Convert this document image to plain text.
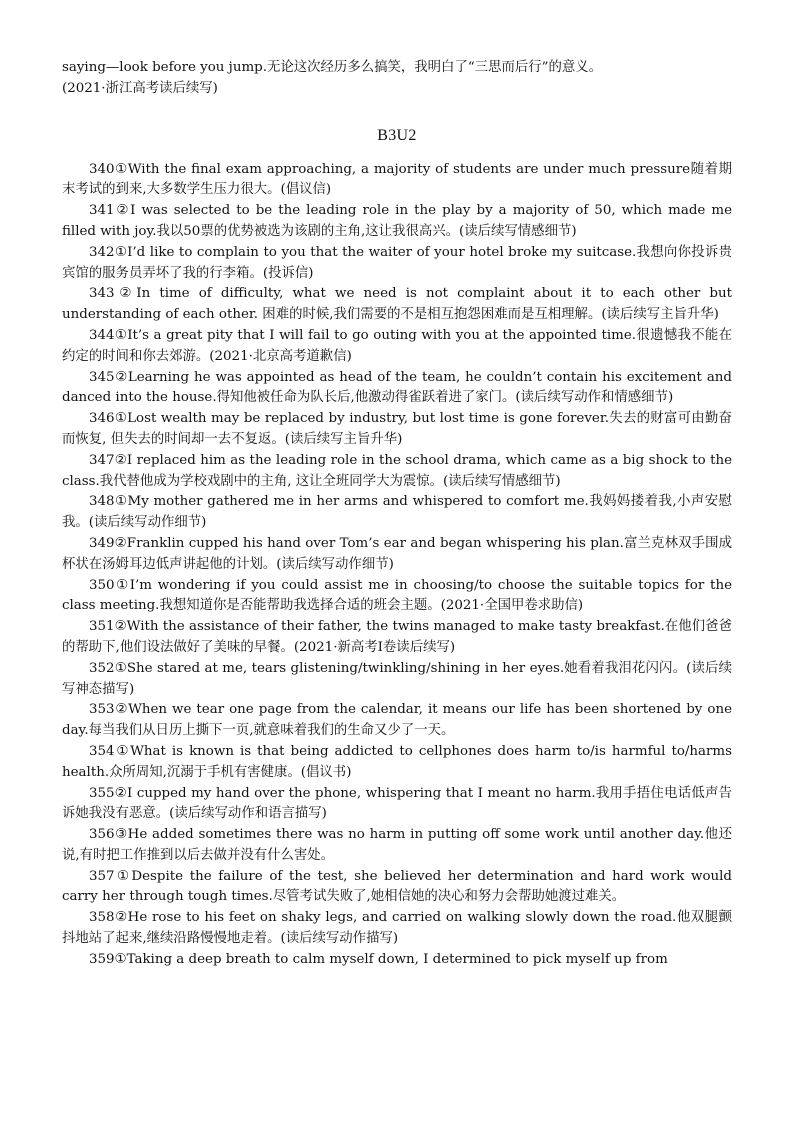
saying—look before you jump.无论这次经历多么搞笑，我明白了“三思而后行”的意义。

(2021·浙江高考读后续写)

B3U2

340①With the final exam approaching, a majority of students are under much pressure随着期末考试的到来,大多数学生压力很大。(倡议信)

341②I was selected to be the leading role in the play by a majority of 50, which made me filled with joy.我以50票的优势被选为该剧的主角,这让我很高兴。(读后续写情感细节)

342①I’d like to complain to you that the waiter of your hotel broke my suitcase.我想向你投诉贵宾馆的服务员弄坏了我的行李箱。(投诉信)

343②In time of difficulty, what we need is not complaint about it to each other but understanding of each other. 困难的时候,我们需要的不是相互抱怨困难而是互相理解。(读后续写主旨升华)

344①It’s a great pity that I will fail to go outing with you at the appointed time.很遗憾我不能在约定的时间和你去郊游。(2021·北京高考道歉信)

345②Learning he was appointed as head of the team, he couldn’t contain his excitement and danced into the house.得知他被任命为队长后,他激动得雀跃着进了家门。(读后续写动作和情感细节)

346①Lost wealth may be replaced by industry, but lost time is gone forever.失去的财富可由勤奋而恢复, 但失去的时间却一去不复返。(读后续写主旨升华)

347②I replaced him as the leading role in the school drama, which came as a big shock to the class.我代替他成为学校戏剧中的主角, 这让全班同学大为震惊。(读后续写情感细节)

348①My mother gathered me in her arms and whispered to comfort me.我妈妈搂着我,小声安慰我。(读后续写动作细节)

349②Franklin cupped his hand over Tom’s ear and began whispering his plan.富兰克林双手围成杯状在汤姆耳边低声讲起他的计划。(读后续写动作细节)

350①I’m wondering if you could assist me in choosing/to choose the suitable topics for the class meeting.我想知道你是否能帮助我选择合适的班会主题。(2021·全国甲卷求助信)

351②With the assistance of their father, the twins managed to make tasty breakfast.在他们爸爸的帮助下,他们设法做好了美味的早餐。(2021·新高考Ⅰ卷读后续写)

352①She stared at me, tears glistening/twinkling/shining in her eyes.她看着我泪花闪闪。(读后续写神态描写)

353②When we tear one page from the calendar, it means our life has been shortened by one day.每当我们从日历上撕下一页,就意味着我们的生命又少了一天。

354①What is known is that being addicted to cellphones does harm to/is harmful to/harms health.众所周知,沉溺于手机有害健康。(倡议书)

355②I cupped my hand over the phone, whispering that I meant no harm.我用手捂住电话低声告诉她我没有恶意。(读后续写动作和语言描写)

356③He added sometimes there was no harm in putting off some work until another day.他还说,有时把工作推到以后去做并没有什么害处。

357①Despite the failure of the test, she believed her determination and hard work would carry her through tough times.尽管考试失败了,她相信她的决心和努力会帮助她渡过难关。

358②He rose to his feet on shaky legs, and carried on walking slowly down the road.他双腿颤抖地站了起来,继续沿路慢慢地走着。(读后续写动作描写)

359①Taking a deep breath to calm myself down, I determined to pick myself up from
